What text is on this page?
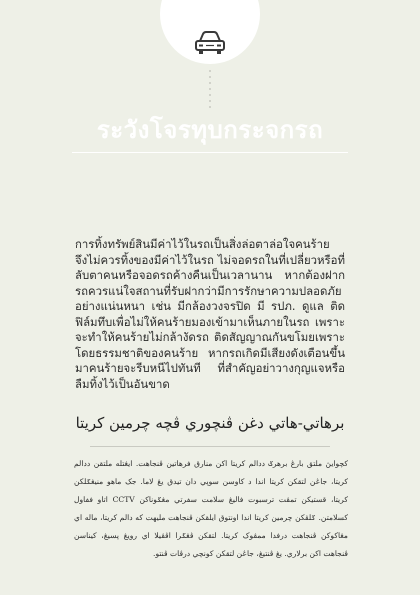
ระวังโจรทุบกระจกรถ

การทิ้งทรัพย์สินมีค่าไว้ในรถเป็นสิ่งล่อตาล่อใจคนร้าย จึงไม่ควรทิ้งของมีค่าไว้ในรถ ไม่จอดรถในที่เปลี่ยวหรือที่ลับตาคนหรือจอดรถค้างคืนเป็นเวลานาน หากต้องฝากรถควรแน่ใจสถานที่รับฝากว่ามีการรักษาความปลอดภัยอย่างแน่นหนา เช่น มีกล้องวงจรปิด มี รปภ. ดูแล ติดฟิล์มทึบเพื่อไม่ให้คนร้ายมองเข้ามาเห็นภายในรถ เพราะจะทำให้คนร้ายไม่กล้างัดรถ ติดสัญญาณกันขโมยเพราะโดยธรรมชาติของคนร้าย หากรถเกิดมีเสียงดังเตือนขึ้นมาคนร้ายจะรีบหนีไปทันที ที่สำคัญอย่าวางกุญแจหรือลืมทิ้งไว้เป็นอันขาด

برهاتي-هاتي دغن ڤنچوري ڤچه چرمين کريتا

کچوايڽ ملتق بارڠ برهرݢ ددالم کريتا اکن منارق فرهاتين ڤنجاهت. ايڠتله ملتقن ددالم کريتا، جاڠن لتقکن کريتا اندا د کاوسن سوڽي دان تيدق يڠ لاما. جک ماهو منيڠݢلکن کريتا، قستيکن تمڤت ترسبوت فاليڠ سلامت سفرتي مڠݢوناکن CCTV اتاو ففاول کسلامتن. ݢلڤکن چرمين کريتا اندا اونتوق ايلقکن ڤنجاهت مليهت که دالم کريتا، ماله اي مڠاکوکن ڤنجاهت درفدا ممڤوک کريتا. لتقکن ڤڠݢرا اڤڤيلا اي رويڠ پسيڠ، کيناسن ڤنجاهت اکن برلاري. يڠ ڤنتيڠ، جاڠن لتقکن کونچي درڤات ڤنتو.
